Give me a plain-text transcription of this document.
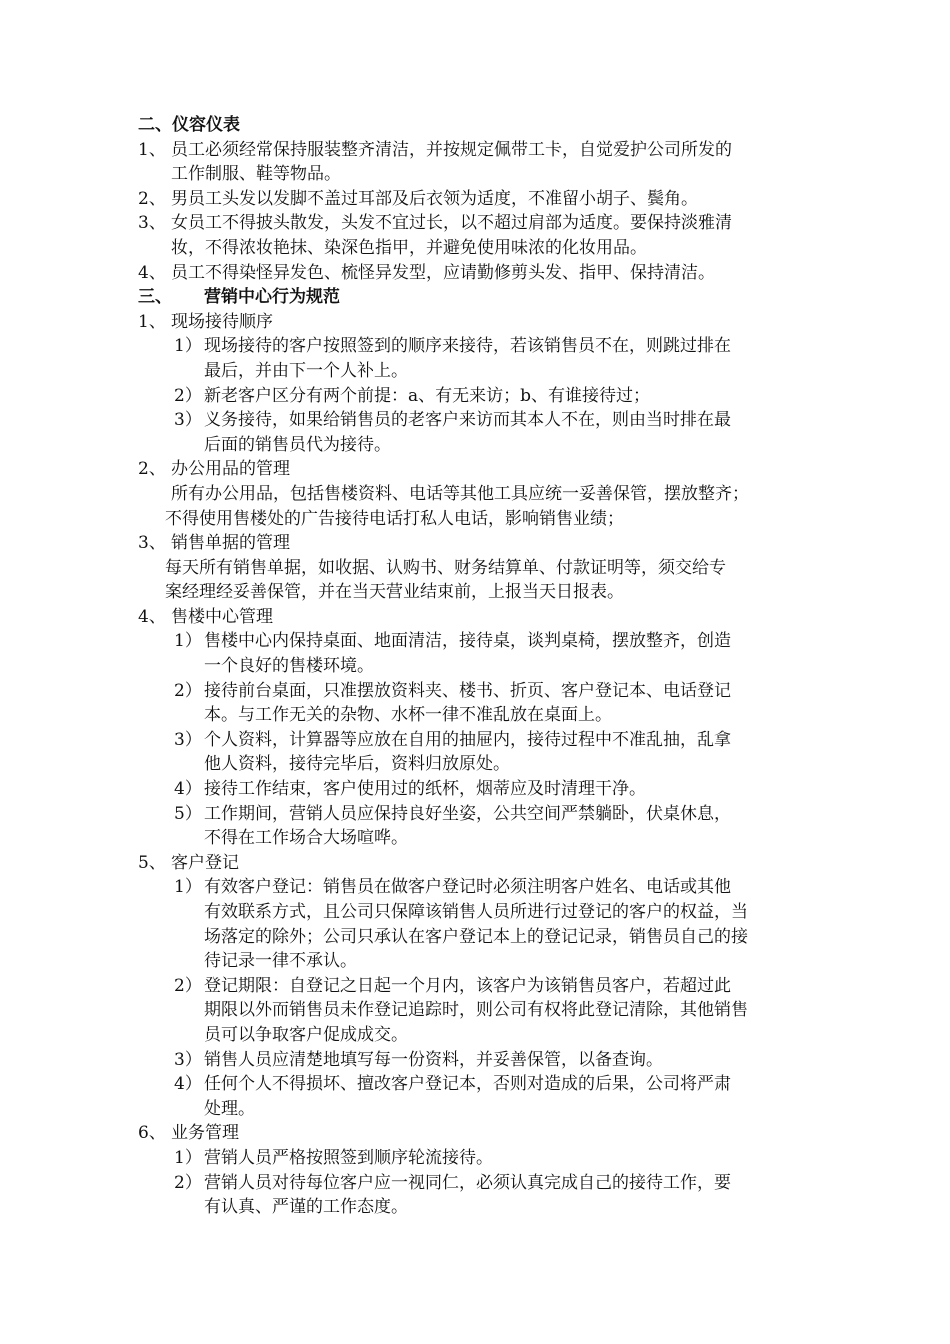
二、仪容仪表
1、 员工必须经常保持服装整齐清洁，并按规定佩带工卡，自觉爱护公司所发的
工作制服、鞋等物品。
2、 男员工头发以发脚不盖过耳部及后衣领为适度，不准留小胡子、鬓角。
3、 女员工不得披头散发，头发不宜过长，以不超过肩部为适度。要保持淡雅清
妆，不得浓妆艳抹、染深色指甲，并避免使用味浓的化妆用品。
4、 员工不得染怪异发色、梳怪异发型，应请勤修剪头发、指甲、保持清洁。
三、 营销中心行为规范
1、 现场接待顺序
1） 现场接待的客户按照签到的顺序来接待，若该销售员不在，则跳过排在
最后，并由下一个人补上。
2） 新老客户区分有两个前提：a、有无来访；b、有谁接待过；
3） 义务接待，如果给销售员的老客户来访而其本人不在，则由当时排在最
后面的销售员代为接待。
2、 办公用品的管理
所有办公用品，包括售楼资料、电话等其他工具应统一妥善保管，摆放整齐；
不得使用售楼处的广告接待电话打私人电话，影响销售业绩；
3、 销售单据的管理
每天所有销售单据，如收据、认购书、财务结算单、付款证明等，须交给专
案经理经妥善保管，并在当天营业结束前，上报当天日报表。
4、 售楼中心管理
1） 售楼中心内保持桌面、地面清洁，接待桌，谈判桌椅，摆放整齐，创造
一个良好的售楼环境。
2） 接待前台桌面，只准摆放资料夹、楼书、折页、客户登记本、电话登记
本。与工作无关的杂物、水杯一律不准乱放在桌面上。
3） 个人资料，计算器等应放在自用的抽屉内，接待过程中不准乱抽，乱拿
他人资料，接待完毕后，资料归放原处。
4） 接待工作结束，客户使用过的纸杯，烟蒂应及时清理干净。
5） 工作期间，营销人员应保持良好坐姿，公共空间严禁躺卧，伏桌休息，
不得在工作场合大场喧哗。
5、 客户登记
1） 有效客户登记：销售员在做客户登记时必须注明客户姓名、电话或其他
有效联系方式，且公司只保障该销售人员所进行过登记的客户的权益，当
场落定的除外；公司只承认在客户登记本上的登记记录，销售员自己的接
待记录一律不承认。
2） 登记期限：自登记之日起一个月内，该客户为该销售员客户，若超过此
期限以外而销售员未作登记追踪时，则公司有权将此登记清除，其他销售
员可以争取客户促成成交。
3） 销售人员应清楚地填写每一份资料，并妥善保管，以备查询。
4） 任何个人不得损坏、擅改客户登记本，否则对造成的后果，公司将严肃
处理。
6、 业务管理
1） 营销人员严格按照签到顺序轮流接待。
2） 营销人员对待每位客户应一视同仁，必须认真完成自己的接待工作，要
有认真、严谨的工作态度。
